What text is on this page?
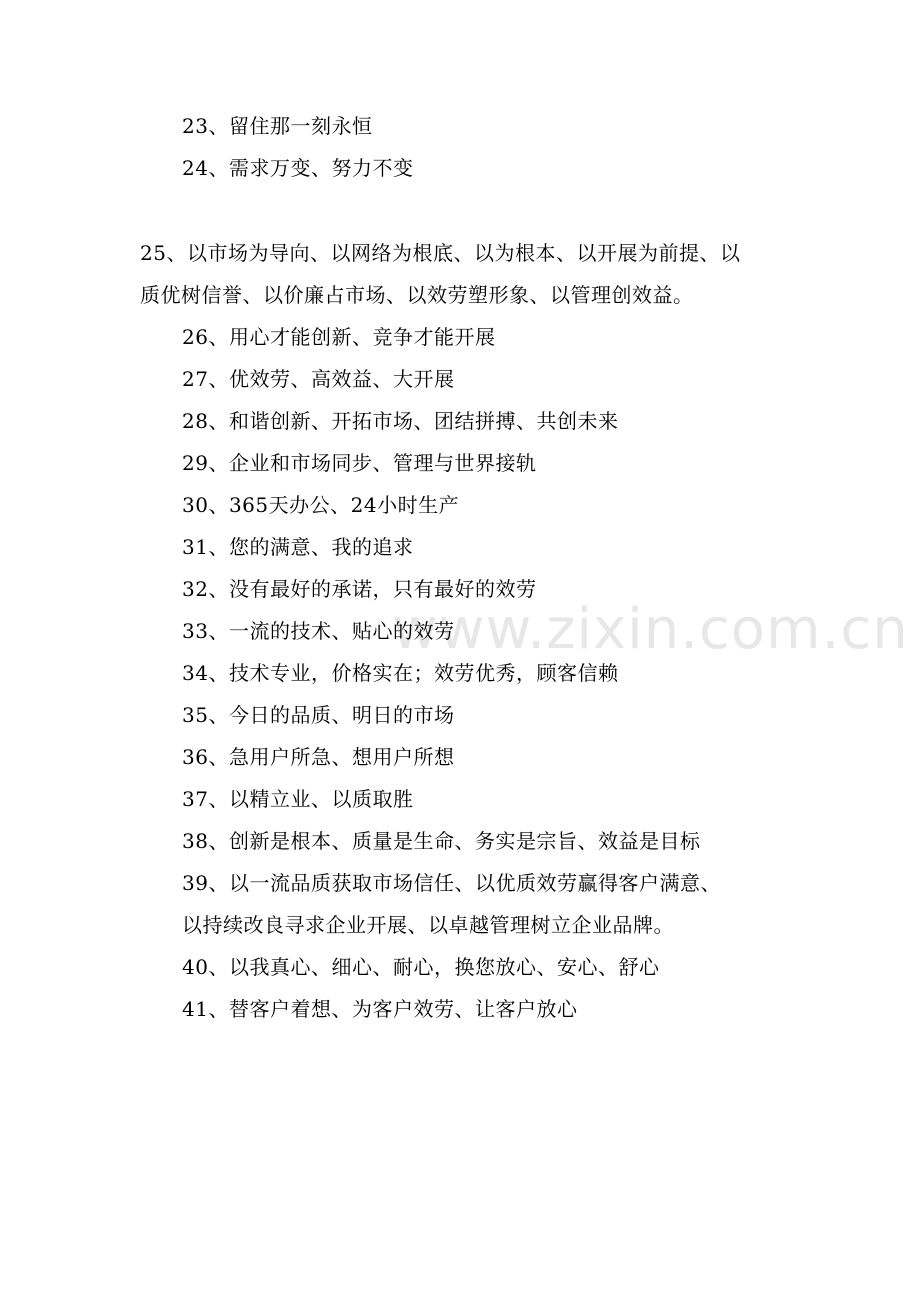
www.zixin.com.cn
23、留住那一刻永恒
24、需求万变、努力不变
25、以市场为导向、以网络为根底、以为根本、以开展为前提、以
质优树信誉、以价廉占市场、以效劳塑形象、以管理创效益。
26、用心才能创新、竞争才能开展
27、优效劳、高效益、大开展
28、和谐创新、开拓市场、团结拼搏、共创未来
29、企业和市场同步、管理与世界接轨
30、365天办公、24小时生产
31、您的满意、我的追求
32、没有最好的承诺，只有最好的效劳
33、一流的技术、贴心的效劳
34、技术专业，价格实在；效劳优秀，顾客信赖
35、今日的品质、明日的市场
36、急用户所急、想用户所想
37、以精立业、以质取胜
38、创新是根本、质量是生命、务实是宗旨、效益是目标
39、以一流品质获取市场信任、以优质效劳赢得客户满意、
以持续改良寻求企业开展、以卓越管理树立企业品牌。
40、以我真心、细心、耐心，换您放心、安心、舒心
41、替客户着想、为客户效劳、让客户放心
